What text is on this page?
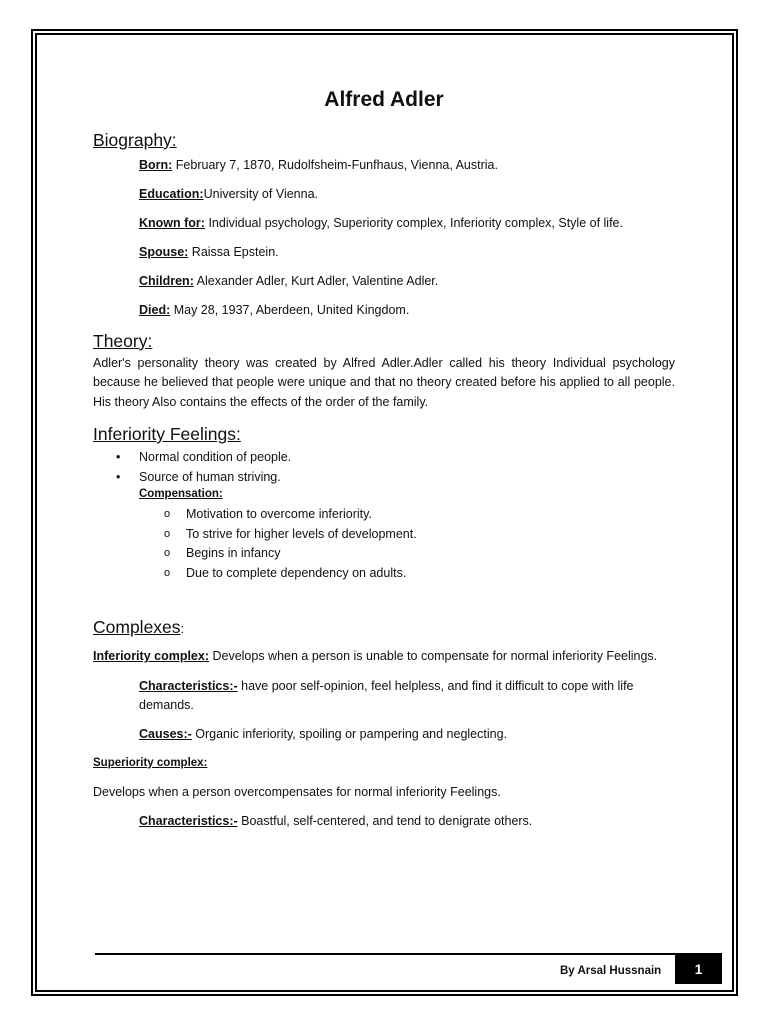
Alfred Adler
Biography:

Born: February 7, 1870, Rudolfsheim-Funfhaus, Vienna, Austria.

Education:University of Vienna.

Known for: Individual psychology, Superiority complex, Inferiority complex, Style of life.

Spouse: Raissa Epstein.

Children: Alexander Adler, Kurt Adler, Valentine Adler.

Died: May 28, 1937, Aberdeen, United Kingdom.

Theory:

Adler's personality theory was created by Alfred Adler.Adler called his theory Individual psychology because he believed that people were unique and that no theory created before his applied to all people. His theory Also contains the effects of the order of the family.

Inferiority Feelings:
• Normal condition of people.
• Source of human striving.
Compensation:
o Motivation to overcome inferiority.
o To strive for higher levels of development.
o Begins in infancy
o Due to complete dependency on adults.
Complexes:

Inferiority complex: Develops when a person is unable to compensate for normal inferiority Feelings.

Characteristics:- have poor self-opinion, feel helpless, and find it difficult to cope with life demands.

Causes:- Organic inferiority, spoiling or pampering and neglecting.

Superiority complex:

Develops when a person overcompensates for normal inferiority Feelings.

Characteristics:- Boastful, self-centered, and tend to denigrate others.

By Arsal Hussnain	1
